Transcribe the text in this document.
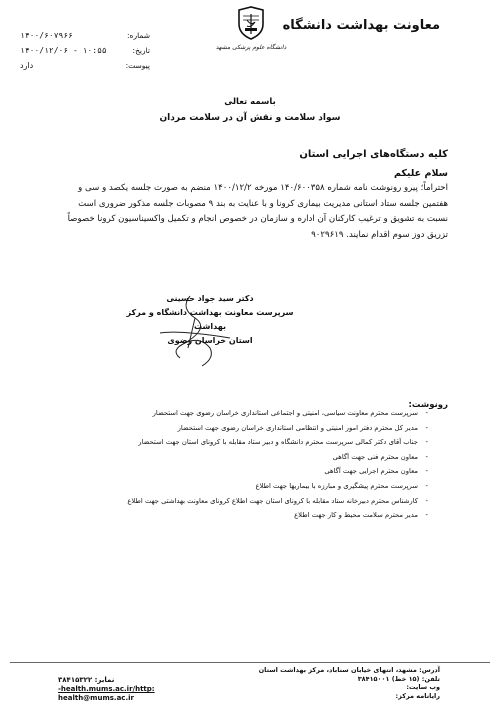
معاونت بهداشت دانشگاه
دانشگاه علوم پزشکی مشهد
شماره:
۱۴۰۰/۶۰۷۹۶۶
تاریخ:
۱۴۰۰/۱۲/۰۶ - ۱۰:۵۵
پیوست:
دارد
باسمه تعالی
سواد سلامت و نقش آن در سلامت مردان
کلیه دستگاه‌های اجرایی استان
سلام علیکم

احتراماً؛ پیرو رونوشت نامه شماره ۱۴۰/۶۰۰۳۵۸ مورخه ۱۴۰۰/۱۲/۲ منضم به صورت جلسه یکصد و سی و

هفتمین جلسه ستاد استانی مدیریت بیماری کرونا و با عنایت به بند ۹ مصوبات جلسه مذکور ضروری است

نسبت به تشویق و ترغیب کارکنان آن اداره و سازمان در خصوص انجام و تکمیل واکسیناسیون کرونا خصوصاً

تزریق دوز سوم اقدام نمایند. ۹۰۲۹۶۱۹

دکتر سید جواد حسینی
سرپرست معاونت بهداشت دانشگاه و مرکز بهداشت
استان خراسان رضوی
رونوشت:
سرپرست محترم معاونت سیاسی، امنیتی و اجتماعی استانداری خراسان رضوی جهت استحضار -
مدیر کل محترم دفتر امور امنیتی و انتظامی استانداری خراسان رضوی جهت استحضار -
جناب آقای دکتر کمالی سرپرست محترم دانشگاه و دبیر ستاد مقابله با کرونای استان جهت استحضار -
معاون محترم فنی جهت آگاهی -
معاون محترم اجرایی جهت آگاهی -
سرپرست محترم پیشگیری و مبارزه با بیماریها جهت اطلاع -
کارشناس محترم دبیرخانه ستاد مقابله با کرونای استان جهت اطلاع کرونای معاونت بهداشتی جهت اطلاع -
مدیر محترم سلامت محیط و کار جهت اطلاع -
آدرس: مشهد، انتهای خیابان سناباد، مرکز بهداشت استان
تلفن: (۱۵ خط) ۳۸۴۱۵۰۰۱
وب سایت:
رایانامه مرکز:
نمابر: ۳۸۴۱۵۳۲۲
-health.mums.ac.ir/http:
health@mums.ac.ir
